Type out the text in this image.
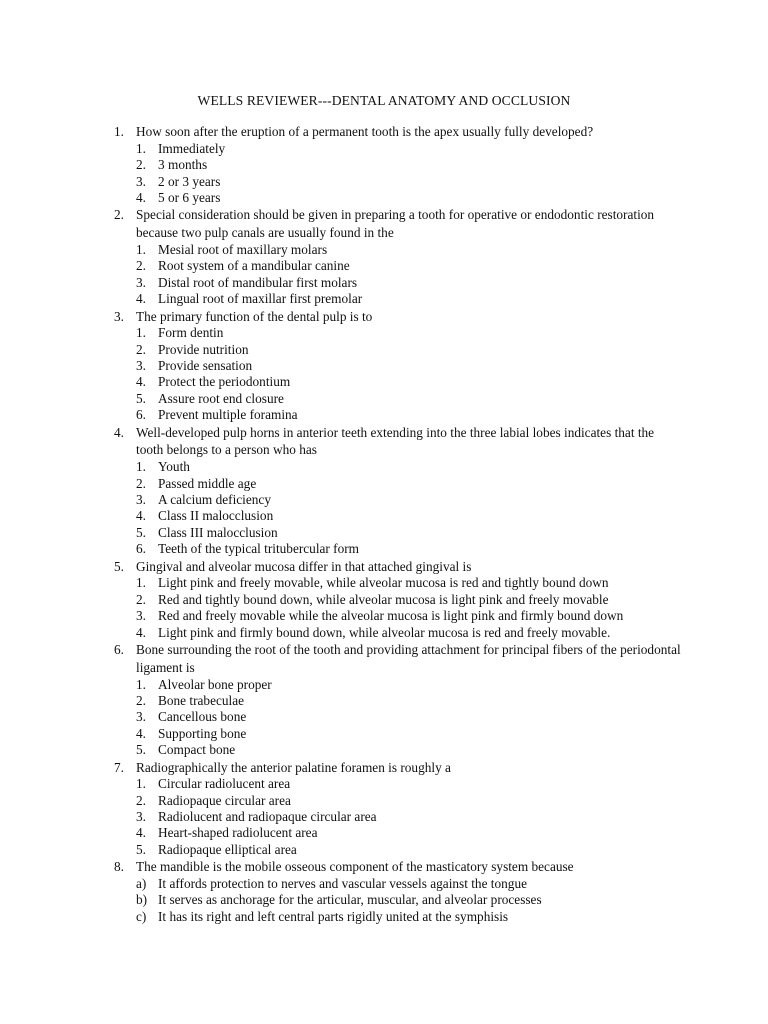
WELLS REVIEWER---DENTAL ANATOMY AND OCCLUSION
1. How soon after the eruption of a permanent tooth is the apex usually fully developed?
1. Immediately
2. 3 months
3. 2 or 3 years
4. 5 or 6 years
2. Special consideration should be given in preparing a tooth for operative or endodontic restoration because two pulp canals are usually found in the
1. Mesial root of maxillary molars
2. Root system of a mandibular canine
3. Distal root of mandibular first molars
4. Lingual root of maxillar first premolar
3. The primary function of the dental pulp is to
1. Form dentin
2. Provide nutrition
3. Provide sensation
4. Protect the periodontium
5. Assure root end closure
6. Prevent multiple foramina
4. Well-developed pulp horns in anterior teeth extending into the three labial lobes indicates that the tooth belongs to a person who has
1. Youth
2. Passed middle age
3. A calcium deficiency
4. Class II malocclusion
5. Class III malocclusion
6. Teeth of the typical tritubercular form
5. Gingival and alveolar mucosa differ in that attached gingival is
1. Light pink and freely movable, while alveolar mucosa is red and tightly bound down
2. Red and tightly bound down, while alveolar mucosa is light pink and freely movable
3. Red and freely movable while the alveolar mucosa is light pink and firmly bound down
4. Light pink and firmly bound down, while alveolar mucosa is red and freely movable.
6. Bone surrounding the root of the tooth and providing attachment for principal fibers of the periodontal ligament is
1. Alveolar bone proper
2. Bone trabeculae
3. Cancellous bone
4. Supporting bone
5. Compact bone
7. Radiographically the anterior palatine foramen is roughly a
1. Circular radiolucent area
2. Radiopaque circular area
3. Radiolucent and radiopaque circular area
4. Heart-shaped radiolucent area
5. Radiopaque elliptical area
8. The mandible is the mobile osseous component of the masticatory system because
a) It affords protection to nerves and vascular vessels against the tongue
b) It serves as anchorage for the articular, muscular, and alveolar processes
c) It has its right and left central parts rigidly united at the symphisis
